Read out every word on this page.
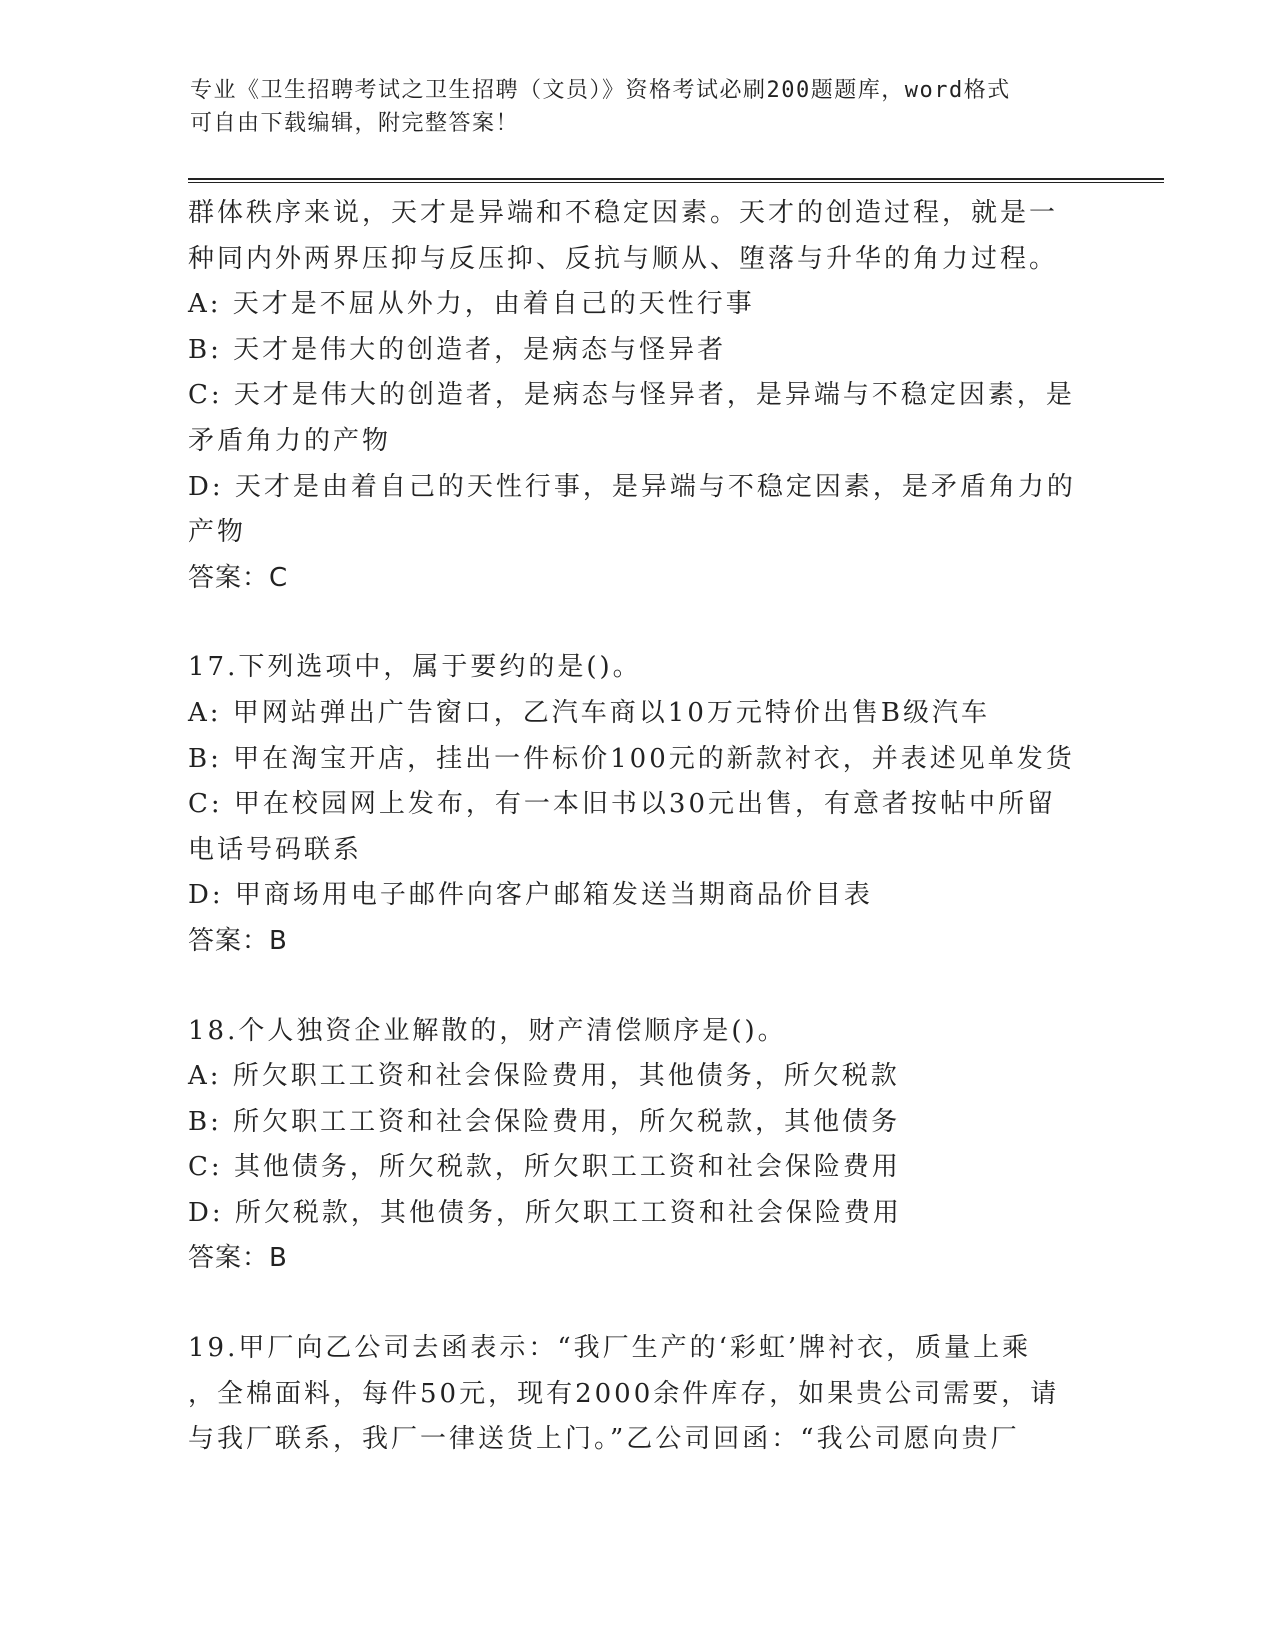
专业《卫生招聘考试之卫生招聘（文员）》资格考试必刷200题题库，word格式
可自由下载编辑，附完整答案！

群体秩序来说，天才是异端和不稳定因素。天才的创造过程，就是一

种同内外两界压抑与反压抑、反抗与顺从、堕落与升华的角力过程。

A: 天才是不屈从外力，由着自己的天性行事

B: 天才是伟大的创造者，是病态与怪异者

C: 天才是伟大的创造者，是病态与怪异者，是异端与不稳定因素，是

矛盾角力的产物

D: 天才是由着自己的天性行事，是异端与不稳定因素，是矛盾角力的

产物

答案：C

17.下列选项中，属于要约的是()。

A: 甲网站弹出广告窗口，乙汽车商以10万元特价出售B级汽车

B: 甲在淘宝开店，挂出一件标价100元的新款衬衣，并表述见单发货

C: 甲在校园网上发布，有一本旧书以30元出售，有意者按帖中所留

电话号码联系

D: 甲商场用电子邮件向客户邮箱发送当期商品价目表

答案：B

18.个人独资企业解散的，财产清偿顺序是()。

A: 所欠职工工资和社会保险费用，其他债务，所欠税款

B: 所欠职工工资和社会保险费用，所欠税款，其他债务

C: 其他债务，所欠税款，所欠职工工资和社会保险费用

D: 所欠税款，其他债务，所欠职工工资和社会保险费用

答案：B

19.甲厂向乙公司去函表示：“我厂生产的‘彩虹’牌衬衣，质量上乘

，全棉面料，每件50元，现有2000余件库存，如果贵公司需要，请

与我厂联系，我厂一律送货上门。”乙公司回函：“我公司愿向贵厂
